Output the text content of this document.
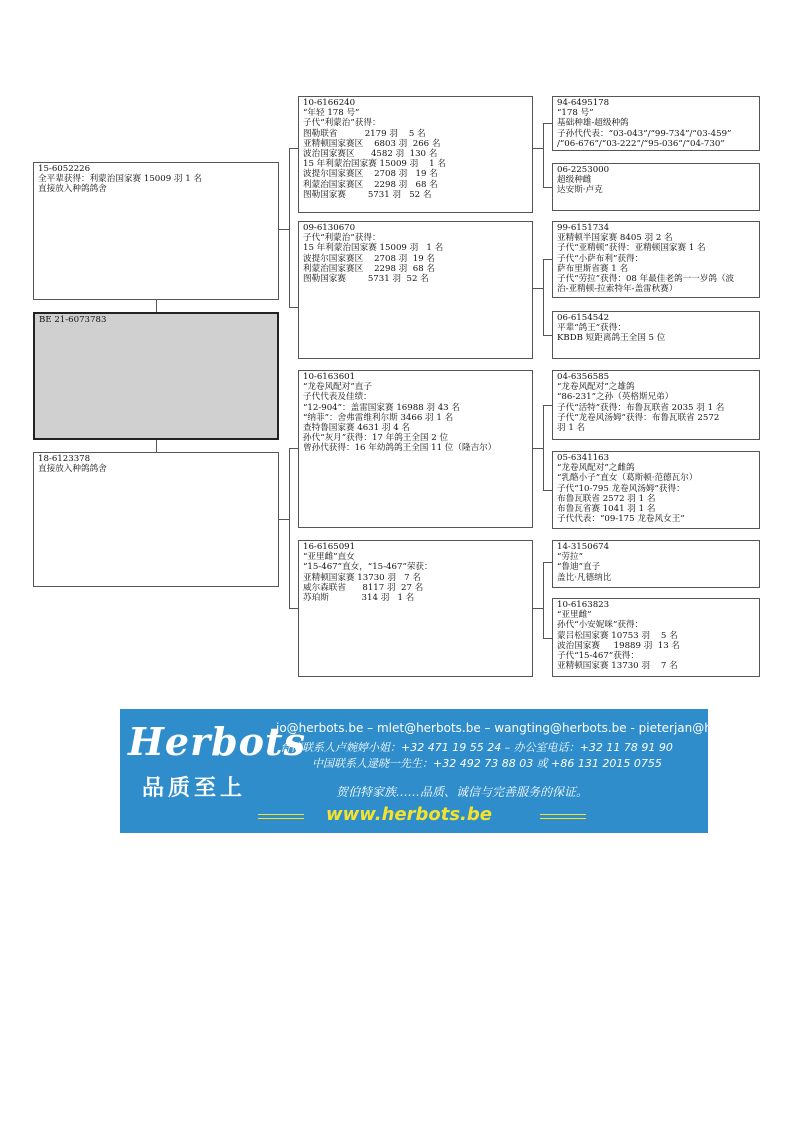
15-6052226
全平辈获得：利蒙治国家赛 15009 羽 1 名
直接放入种鸽鸽舍
BE 21-6073783
18-6123378
直接放入种鸽鸽舍
10-6166240
“年轻 178 号”
子代“利蒙治”获得：
图勒联省          2179 羽    5 名
亚精顿国家赛区    6803 羽  266 名
波治国家赛区      4582 羽  130 名
15 年利蒙治国家赛 15009 羽    1 名
波提尔国家赛区    2708 羽   19 名
利蒙治国家赛区    2298 羽   68 名
图勒国家赛        5731 羽   52 名
09-6130670
子代“利蒙治”获得：
15 年利蒙治国家赛 15009 羽   1 名
波提尔国家赛区    2708 羽  19 名
利蒙治国家赛区    2298 羽  68 名
图勒国家赛        5731 羽  52 名
10-6163601
“龙卷风配对”直子
子代代表及佳绩：
“12-904”：盖雷国家赛 16988 羽 43 名
“纳菲”：舍弗雷维利尔斯 3466 羽 1 名
查特鲁国家赛 4631 羽 4 名
孙代“灰月”获得：17 年鸽王全国 2 位
曾孙代获得：16 年幼鸽鸽王全国 11 位（隆吉尔）
16-6165091
“亚里雌”直女
“15-467”直女，“15-467”荣获：
亚精顿国家赛 13730 羽   7 名
威尔森联省      8117 羽  27 名
苏珀斯            314 羽   1 名
94-6495178
“178 号”
基础种雄-超级种鸽
子孙代代表：“03-043”/“99-734”/“03-459”
/“06-676”/“03-222”/“95-036”/“04-730”
06-2253000
超级种雌
达安斯·卢克
99-6151734
亚精顿半国家赛 8405 羽 2 名
子代“亚精顿”获得：亚精顿国家赛 1 名
子代“小萨布利”获得：
萨布里斯省赛 1 名
子代“劳拉”获得：08 年最佳老鸽一一岁鸽（波
治-亚精顿-拉索特年-盖雷秋赛）
06-6154542
平辈“鸽王”获得：
KBDB 短距离鸽王全国 5 位
04-6356585
“龙卷风配对”之雄鸽
“86-231”之孙（英格斯兄弟）
子代“活特”获得：布鲁瓦联省 2035 羽 1 名
子代“龙卷风汤姆”获得：布鲁瓦联省 2572
羽 1 名
05-6341163
“龙卷风配对”之雌鸽
“乳酪小子”直女（葛斯顿·范德瓦尔）
子代“10-795 龙卷风汤姆”获得：
布鲁瓦联省 2572 羽 1 名
布鲁瓦省赛 1041 羽 1 名
子代代表：“09-175 龙卷风女王”
14-3150674
“劳拉”
“鲁迪”直子
盖比·凡德纳比
10-6163823
“亚里雌”
孙代“小安妮咪”获得：
蒙吕松国家赛 10753 羽    5 名
波治国家赛     19889 羽  13 名
子代“15-467”获得：
亚精顿国家赛 13730 羽    7 名
Herbots
品质至上
jo@herbots.be – mlet@herbots.be – wangting@herbots.be - pieterjan@herbots.be
台湾联系人卢婉婷小姐：+32 471 19 55 24 – 办公室电话：+32 11 78 91 90
中国联系人逯晓一先生：+32 492 73 88 03 或 +86 131 2015 0755
贺伯特家族……品质、诚信与完善服务的保证。
www.herbots.be
